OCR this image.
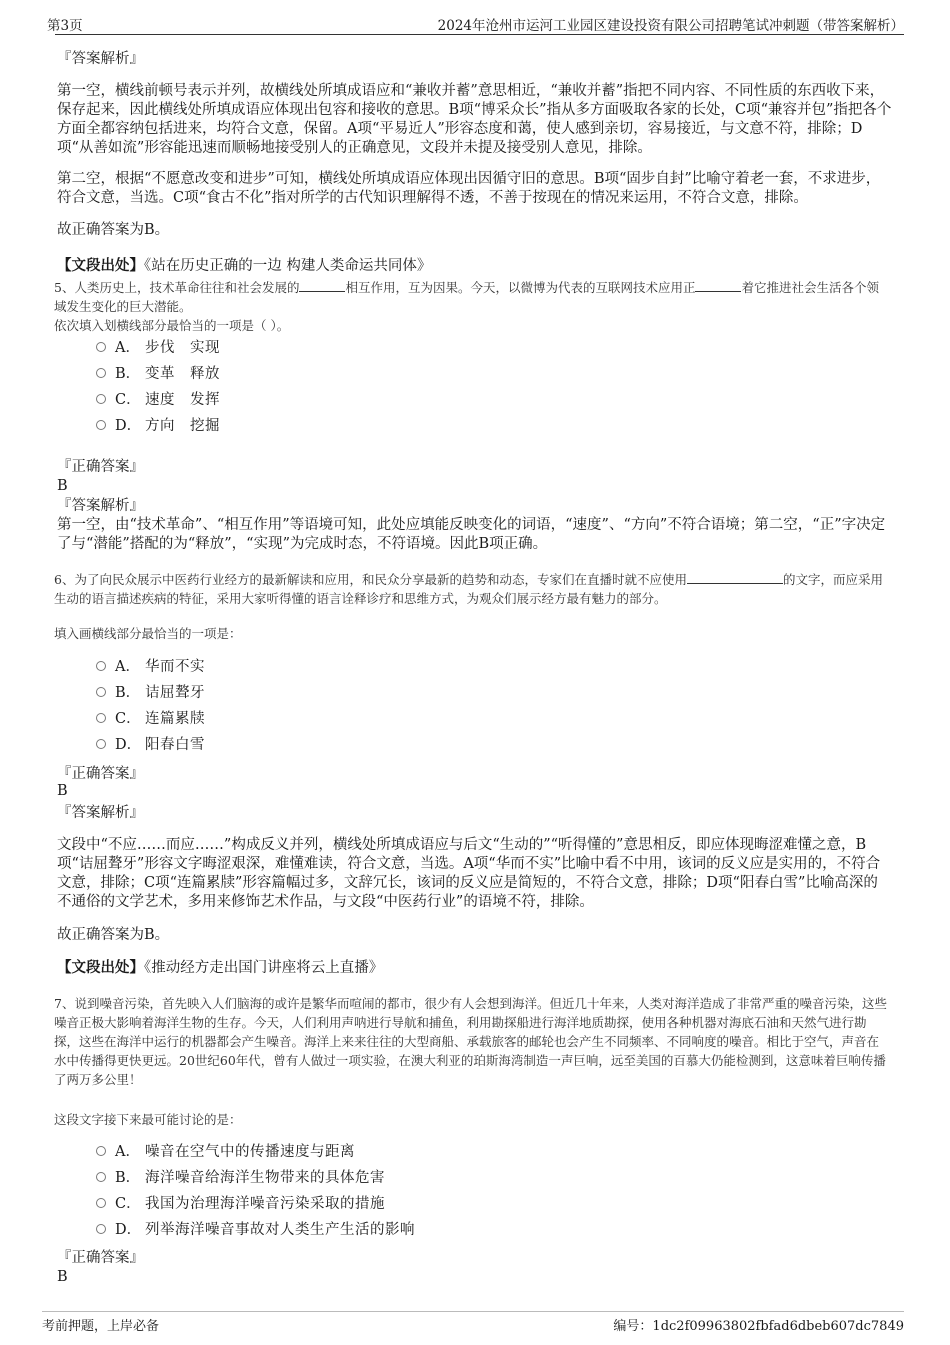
第3页	2024年沧州市运河工业园区建设投资有限公司招聘笔试冲刺题（带答案解析）
『答案解析』
第一空，横线前顿号表示并列，故横线处所填成语应和“兼收并蓄”意思相近，“兼收并蓄”指把不同内容、不同性质的东西收下来，保存起来，因此横线处所填成语应体现出包容和接收的意思。B项“博采众长”指从多方面吸取各家的长处，C项“兼容并包”指把各个方面全都容纳包括进来，均符合文意，保留。A项“平易近人”形容态度和蔼，使人感到亲切，容易接近，与文意不符，排除；D项“从善如流”形容能迅速而顺畅地接受别人的正确意见，文段并未提及接受别人意见，排除。
第二空，根据“不愿意改变和进步”可知，横线处所填成语应体现出因循守旧的意思。B项“固步自封”比喻守着老一套，不求进步，符合文意，当选。C项“食古不化”指对所学的古代知识理解得不透，不善于按现在的情况来运用，不符合文意，排除。
故正确答案为B。
【文段出处】《站在历史正确的一边 构建人类命运共同体》
5、人类历史上，技术革命往往和社会发展的	相互作用，互为因果。今天，以微博为代表的互联网技术应用正	着它推进社会生活各个领域发生变化的巨大潜能。
依次填入划横线部分最恰当的一项是（ ）。
A． 步伐　实现
B． 变革　释放
C． 速度　发挥
D． 方向　挖掘
『正确答案』
B
『答案解析』
第一空，由“技术革命”、“相互作用”等语境可知，此处应填能反映变化的词语，“速度”、“方向”不符合语境；第二空，“正”字决定了与“潜能”搭配的为“释放”，“实现”为完成时态，不符语境。因此B项正确。
6、为了向民众展示中医药行业经方的最新解读和应用，和民众分享最新的趋势和动态，专家们在直播时就不应使用	的文字，而应采用生动的语言描述疾病的特征，采用大家听得懂的语言诠释诊疗和思维方式，为观众们展示经方最有魅力的部分。
填入画横线部分最恰当的一项是：
A． 华而不实
B． 诘屈聱牙
C． 连篇累牍
D． 阳春白雪
『正确答案』
B
『答案解析』
文段中“不应……而应……”构成反义并列，横线处所填成语应与后文“生动的”“听得懂的”意思相反，即应体现晦涩难懂之意，B项“诘屈聱牙”形容文字晦涩艰深，难懂难读，符合文意，当选。A项“华而不实”比喻中看不中用，该词的反义应是实用的，不符合文意，排除；C项“连篇累牍”形容篇幅过多，文辞冗长，该词的反义应是简短的，不符合文意，排除；D项“阳春白雪”比喻高深的不通俗的文学艺术，多用来修饰艺术作品，与文段“中医药行业”的语境不符，排除。
故正确答案为B。
【文段出处】《推动经方走出国门讲座将云上直播》
7、说到噪音污染，首先映入人们脑海的或许是繁华而喧闹的都市，很少有人会想到海洋。但近几十年来，人类对海洋造成了非常严重的噪音污染，这些噪音正极大影响着海洋生物的生存。今天，人们利用声呐进行导航和捕鱼，利用勘探船进行海洋地质勘探，使用各种机器对海底石油和天然气进行勘探，这些在海洋中运行的机器都会产生噪音。海洋上来来往往的大型商船、承载旅客的邮轮也会产生不同频率、不同响度的噪音。相比于空气，声音在水中传播得更快更远。20世纪60年代，曾有人做过一项实验，在澳大利亚的珀斯海湾制造一声巨响，远至美国的百慕大仍能检测到，这意味着巨响传播了两万多公里！
这段文字接下来最可能讨论的是：
A． 噪音在空气中的传播速度与距离
B． 海洋噪音给海洋生物带来的具体危害
C． 我国为治理海洋噪音污染采取的措施
D． 列举海洋噪音事故对人类生产生活的影响
『正确答案』
B
考前押题，上岸必备	编号：1dc2f09963802fbfad6dbeb607dc7849
